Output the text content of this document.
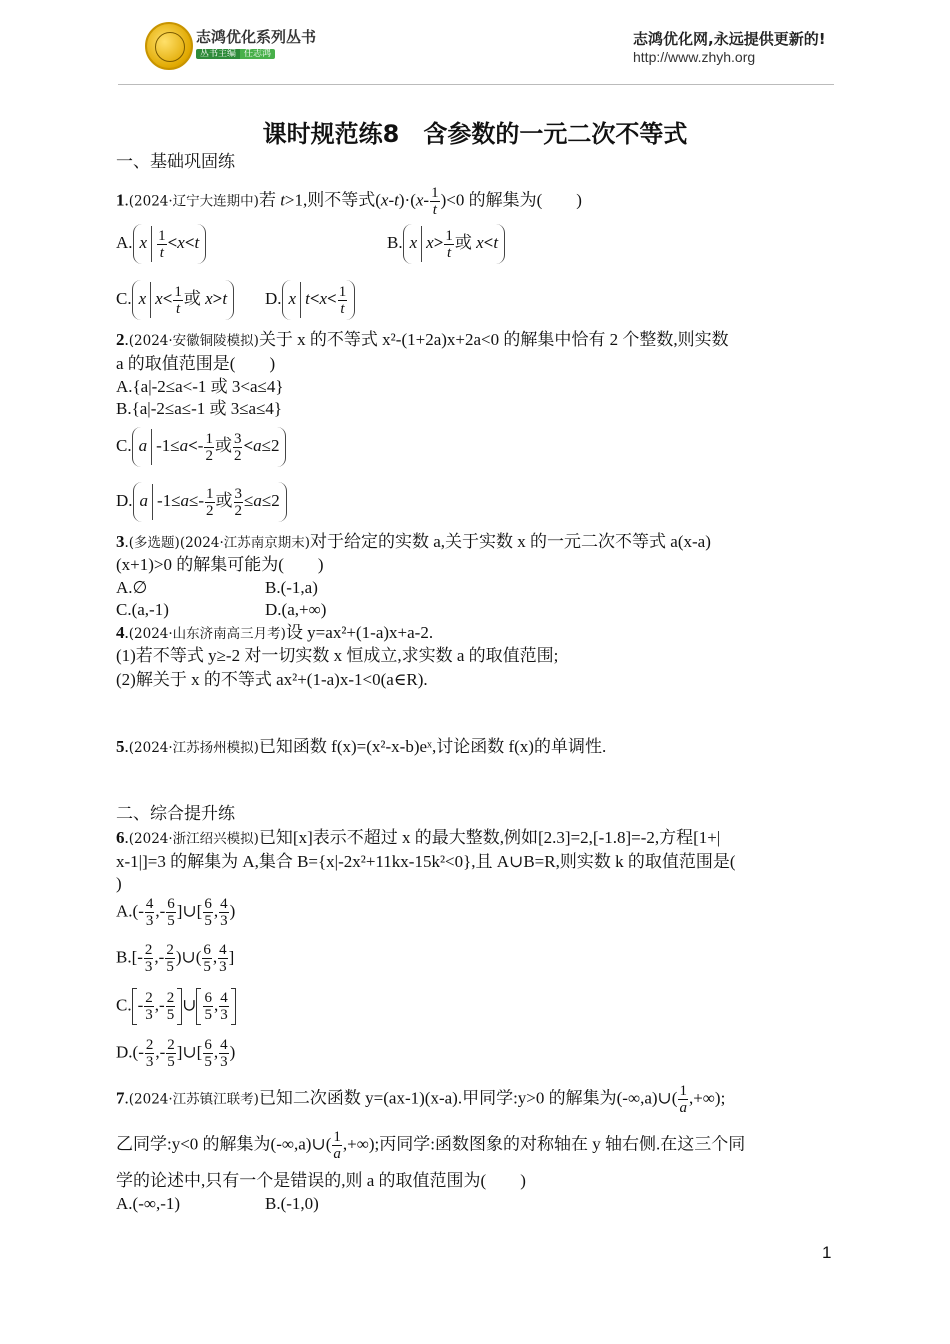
志鸿优化系列丛书
丛书主编 任志鸿
志鸿优化网,永远提供更新的!
http://www.zhyh.org
课时规范练8　含参数的一元二次不等式
一、基础巩固练
1.(2024·辽宁大连期中)若 t>1,则不等式$(x-t)\cdot(x- \frac{1}{t} )<0$ 的解集为(　　)
A. x $\frac{1}{t} <x<t$	B. x $x> \frac{1}{t}$ 或 x<t
C. x $x< \frac{1}{t}$ 或 x>t	D. x $t<x< \frac{1}{t}$
2.(2024·安徽铜陵模拟)关于 x 的不等式 x²-(1+2a)x+2a<0 的解集中恰有 2 个整数,则实数
a 的取值范围是(　　)
A.{a|-2≤a<-1 或 3<a≤4}
B.{a|-2≤a≤-1 或 3≤a≤4}
C. a $-1\le a<- \frac{1}{2}$ 或 $\frac{3}{2} <a\le 2$
D. a $-1\le a\le- \frac{1}{2}$ 或 $\frac{3}{2} \le a\le 2$
3.(多选题)(2024·江苏南京期末)对于给定的实数 a,关于实数 x 的一元二次不等式 a(x-a)
(x+1)>0 的解集可能为(　　)
A.∅	B.(-1,a)
C.(a,-1)	D.(a,+∞)
4.(2024·山东济南高三月考)设 y=ax²+(1-a)x+a-2.
(1)若不等式 y≥-2 对一切实数 x 恒成立,求实数 a 的取值范围;
(2)解关于 x 的不等式 ax²+(1-a)x-1<0(a∈R).
5.(2024·江苏扬州模拟)已知函数 f(x)=(x²-x-b)eˣ,讨论函数 f(x)的单调性.
二、综合提升练
6.(2024·浙江绍兴模拟)已知[x]表示不超过 x 的最大整数,例如[2.3]=2,[-1.8]=-2,方程[1+|
x-1|]=3 的解集为 A,集合 B={x|-2x²+11kx-15k²<0},且 A∪B=R,则实数 k 的取值范围是(
)
$A.(- \frac{4}{3}$ ,- $\frac{6}{5}$ ]∪[ $\frac{6}{5}$ , $\frac{4}{3}$ )
$B.[- \frac{2}{3}$ ,- $\frac{2}{5}$ )∪( $\frac{6}{5}$ , $\frac{4}{3}$ ]
C. - $\frac{2}{3}$ ,- $\frac{2}{5}$ ∪ $\frac{6}{5}$ , $\frac{4}{3}$
$D.(- \frac{2}{3}$ ,- $\frac{2}{5}$ ]∪[ $\frac{6}{5}$ , $\frac{4}{3}$ )
7.(2024·江苏镇江联考)已知二次函数 y=(ax-1)(x-a).甲同学:y>0 的解集为(-∞,a)∪( $\frac{1}{a}$ ,+∞);
乙同学:y<0 的解集为(-∞,a)∪( $\frac{1}{a}$ ,+∞);丙同学:函数图象的对称轴在 y 轴右侧.在这三个同
学的论述中,只有一个是错误的,则 a 的取值范围为(　　)
A.(-∞,-1)	B.(-1,0)
1
